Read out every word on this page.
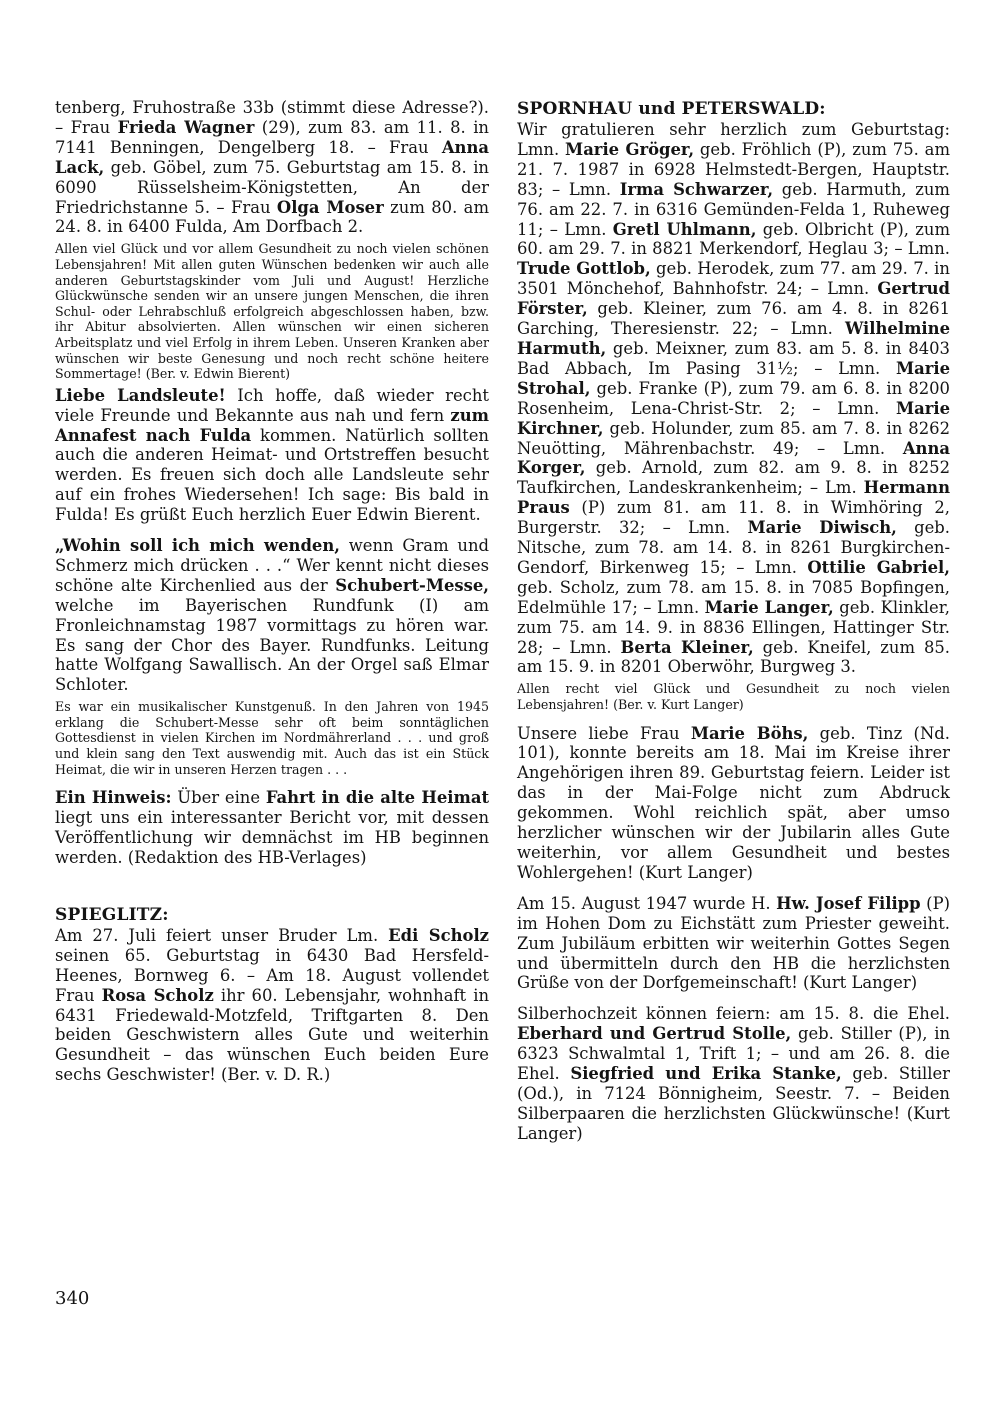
tenberg, Fruhostraße 33b (stimmt diese Adresse?). – Frau Frieda Wagner (29), zum 83. am 11. 8. in 7141 Benningen, Dengelberg 18. – Frau Anna Lack, geb. Göbel, zum 75. Geburtstag am 15. 8. in 6090 Rüsselsheim-Königstetten, An der Friedrichstanne 5. – Frau Olga Moser zum 80. am 24. 8. in 6400 Fulda, Am Dorfbach 2.

Allen viel Glück und vor allem Gesundheit zu noch vielen schönen Lebensjahren! Mit allen guten Wünschen bedenken wir auch alle anderen Geburtstagskinder vom Juli und August! Herzliche Glückwünsche senden wir an unsere jungen Menschen, die ihren Schul- oder Lehrabschluß erfolgreich abgeschlossen haben, bzw. ihr Abitur absolvierten. Allen wünschen wir einen sicheren Arbeitsplatz und viel Erfolg in ihrem Leben. Unseren Kranken aber wünschen wir beste Genesung und noch recht schöne heitere Sommertage! (Ber. v. Edwin Bierent)

Liebe Landsleute! Ich hoffe, daß wieder recht viele Freunde und Bekannte aus nah und fern zum Annafest nach Fulda kommen. Natürlich sollten auch die anderen Heimat- und Ortstreffen besucht werden. Es freuen sich doch alle Landsleute sehr auf ein frohes Wiedersehen! Ich sage: Bis bald in Fulda! Es grüßt Euch herzlich Euer Edwin Bierent.

„Wohin soll ich mich wenden, wenn Gram und Schmerz mich drücken . . .“ Wer kennt nicht dieses schöne alte Kirchenlied aus der Schubert-Messe, welche im Bayerischen Rundfunk (I) am Fronleichnamstag 1987 vormittags zu hören war. Es sang der Chor des Bayer. Rundfunks. Leitung hatte Wolfgang Sawallisch. An der Orgel saß Elmar Schloter.

Es war ein musikalischer Kunstgenuß. In den Jahren von 1945 erklang die Schubert-Messe sehr oft beim sonntäglichen Gottesdienst in vielen Kirchen im Nordmährerland . . . und groß und klein sang den Text auswendig mit. Auch das ist ein Stück Heimat, die wir in unseren Herzen tragen . . .

Ein Hinweis: Über eine Fahrt in die alte Heimat liegt uns ein interessanter Bericht vor, mit dessen Veröffentlichung wir demnächst im HB beginnen werden. (Redaktion des HB-Verlages)

SPIEGLITZ:

Am 27. Juli feiert unser Bruder Lm. Edi Scholz seinen 65. Geburtstag in 6430 Bad Hersfeld-Heenes, Bornweg 6. – Am 18. August vollendet Frau Rosa Scholz ihr 60. Lebensjahr, wohnhaft in 6431 Friedewald-Motzfeld, Triftgarten 8. Den beiden Geschwistern alles Gute und weiterhin Gesundheit – das wünschen Euch beiden Eure sechs Geschwister! (Ber. v. D. R.)

SPORNHAU und PETERSWALD:

Wir gratulieren sehr herzlich zum Geburtstag: Lmn. Marie Gröger, geb. Fröhlich (P), zum 75. am 21. 7. 1987 in 6928 Helmstedt-Bergen, Hauptstr. 83; – Lmn. Irma Schwarzer, geb. Harmuth, zum 76. am 22. 7. in 6316 Gemünden-Felda 1, Ruheweg 11; – Lmn. Gretl Uhlmann, geb. Olbricht (P), zum 60. am 29. 7. in 8821 Merkendorf, Heglau 3; – Lmn. Trude Gottlob, geb. Herodek, zum 77. am 29. 7. in 3501 Mönchehof, Bahnhofstr. 24; – Lmn. Gertrud Förster, geb. Kleiner, zum 76. am 4. 8. in 8261 Garching, Theresienstr. 22; – Lmn. Wilhelmine Harmuth, geb. Meixner, zum 83. am 5. 8. in 8403 Bad Abbach, Im Pasing 31½; – Lmn. Marie Strohal, geb. Franke (P), zum 79. am 6. 8. in 8200 Rosenheim, Lena-Christ-Str. 2; – Lmn. Marie Kirchner, geb. Holunder, zum 85. am 7. 8. in 8262 Neuötting, Mährenbachstr. 49; – Lmn. Anna Korger, geb. Arnold, zum 82. am 9. 8. in 8252 Taufkirchen, Landeskrankenheim; – Lm. Hermann Praus (P) zum 81. am 11. 8. in Wimhöring 2, Burgerstr. 32; – Lmn. Marie Diwisch, geb. Nitsche, zum 78. am 14. 8. in 8261 Burgkirchen-Gendorf, Birkenweg 15; – Lmn. Ottilie Gabriel, geb. Scholz, zum 78. am 15. 8. in 7085 Bopfingen, Edelmühle 17; – Lmn. Marie Langer, geb. Klinkler, zum 75. am 14. 9. in 8836 Ellingen, Hattinger Str. 28; – Lmn. Berta Kleiner, geb. Kneifel, zum 85. am 15. 9. in 8201 Oberwöhr, Burgweg 3.

Allen recht viel Glück und Gesundheit zu noch vielen Lebensjahren! (Ber. v. Kurt Langer)

Unsere liebe Frau Marie Böhs, geb. Tinz (Nd. 101), konnte bereits am 18. Mai im Kreise ihrer Angehörigen ihren 89. Geburtstag feiern. Leider ist das in der Mai-Folge nicht zum Abdruck gekommen. Wohl reichlich spät, aber umso herzlicher wünschen wir der Jubilarin alles Gute weiterhin, vor allem Gesundheit und bestes Wohlergehen! (Kurt Langer)

Am 15. August 1947 wurde H. Hw. Josef Filipp (P) im Hohen Dom zu Eichstätt zum Priester geweiht. Zum Jubiläum erbitten wir weiterhin Gottes Segen und übermitteln durch den HB die herzlichsten Grüße von der Dorfgemeinschaft! (Kurt Langer)

Silberhochzeit können feiern: am 15. 8. die Ehel. Eberhard und Gertrud Stolle, geb. Stiller (P), in 6323 Schwalmtal 1, Trift 1; – und am 26. 8. die Ehel. Siegfried und Erika Stanke, geb. Stiller (Od.), in 7124 Bönnigheim, Seestr. 7. – Beiden Silberpaaren die herzlichsten Glückwünsche! (Kurt Langer)

340
